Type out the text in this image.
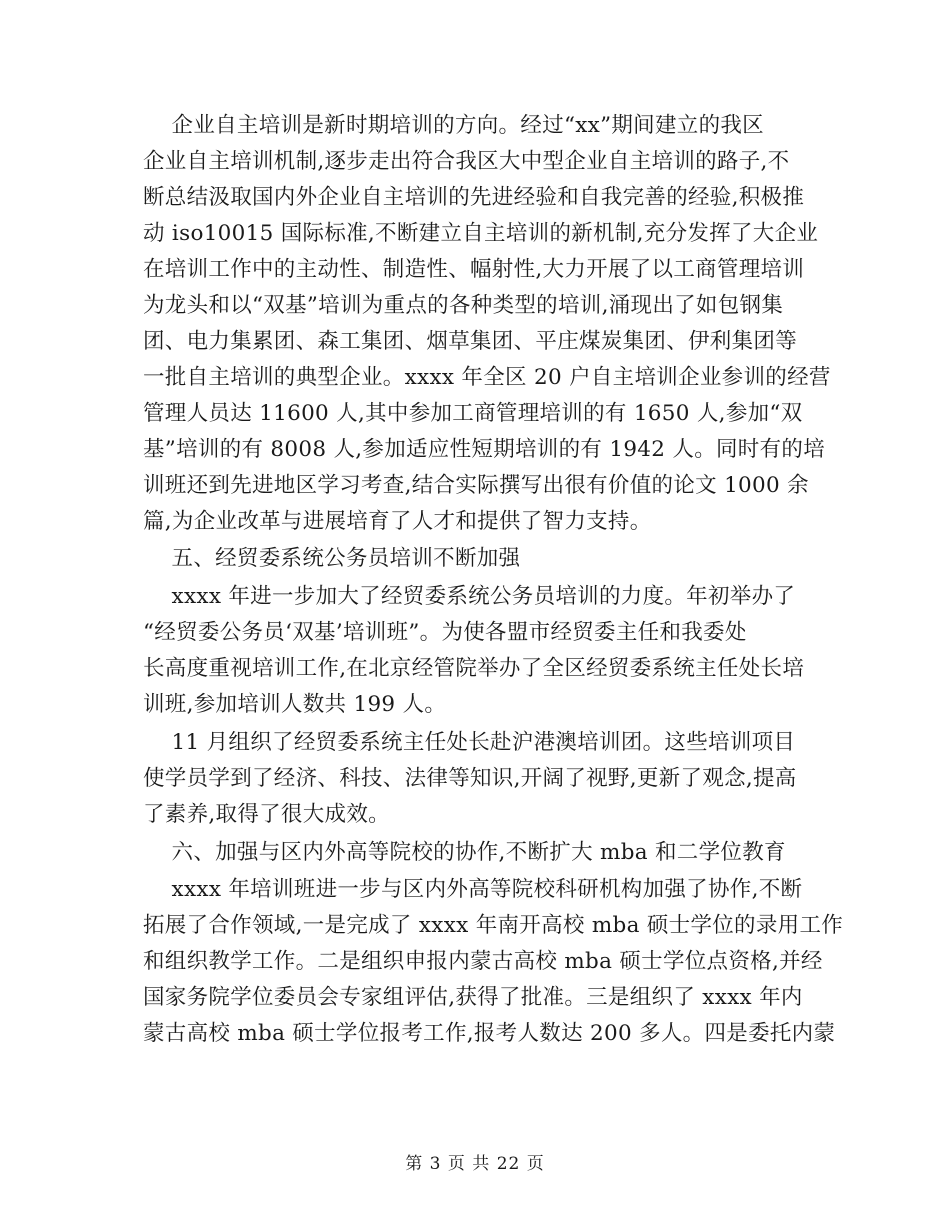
企业自主培训是新时期培训的方向。经过“xx”期间建立的我区
企业自主培训机制,逐步走出符合我区大中型企业自主培训的路子,不
断总结汲取国内外企业自主培训的先进经验和自我完善的经验,积极推
动 iso10015 国际标准,不断建立自主培训的新机制,充分发挥了大企业
在培训工作中的主动性、制造性、幅射性,大力开展了以工商管理培训
为龙头和以“双基”培训为重点的各种类型的培训,涌现出了如包钢集
团、电力集累团、森工集团、烟草集团、平庄煤炭集团、伊利集团等
一批自主培训的典型企业。xxxx 年全区 20 户自主培训企业参训的经营
管理人员达 11600 人,其中参加工商管理培训的有 1650 人,参加“双
基”培训的有 8008 人,参加适应性短期培训的有 1942 人。同时有的培
训班还到先进地区学习考查,结合实际撰写出很有价值的论文 1000 余
篇,为企业改革与进展培育了人才和提供了智力支持。
五、经贸委系统公务员培训不断加强
xxxx 年进一步加大了经贸委系统公务员培训的力度。年初举办了
“经贸委公务员‘双基’培训班”。为使各盟市经贸委主任和我委处
长高度重视培训工作,在北京经管院举办了全区经贸委系统主任处长培
训班,参加培训人数共 199 人。
11 月组织了经贸委系统主任处长赴沪港澳培训团。这些培训项目
使学员学到了经济、科技、法律等知识,开阔了视野,更新了观念,提高
了素养,取得了很大成效。
六、加强与区内外高等院校的协作,不断扩大 mba 和二学位教育
xxxx 年培训班进一步与区内外高等院校科研机构加强了协作,不断
拓展了合作领域,一是完成了 xxxx 年南开高校 mba 硕士学位的录用工作
和组织教学工作。二是组织申报内蒙古高校 mba 硕士学位点资格,并经
国家务院学位委员会专家组评估,获得了批准。三是组织了 xxxx 年内
蒙古高校 mba 硕士学位报考工作,报考人数达 200 多人。四是委托内蒙
第 3 页 共 22 页
